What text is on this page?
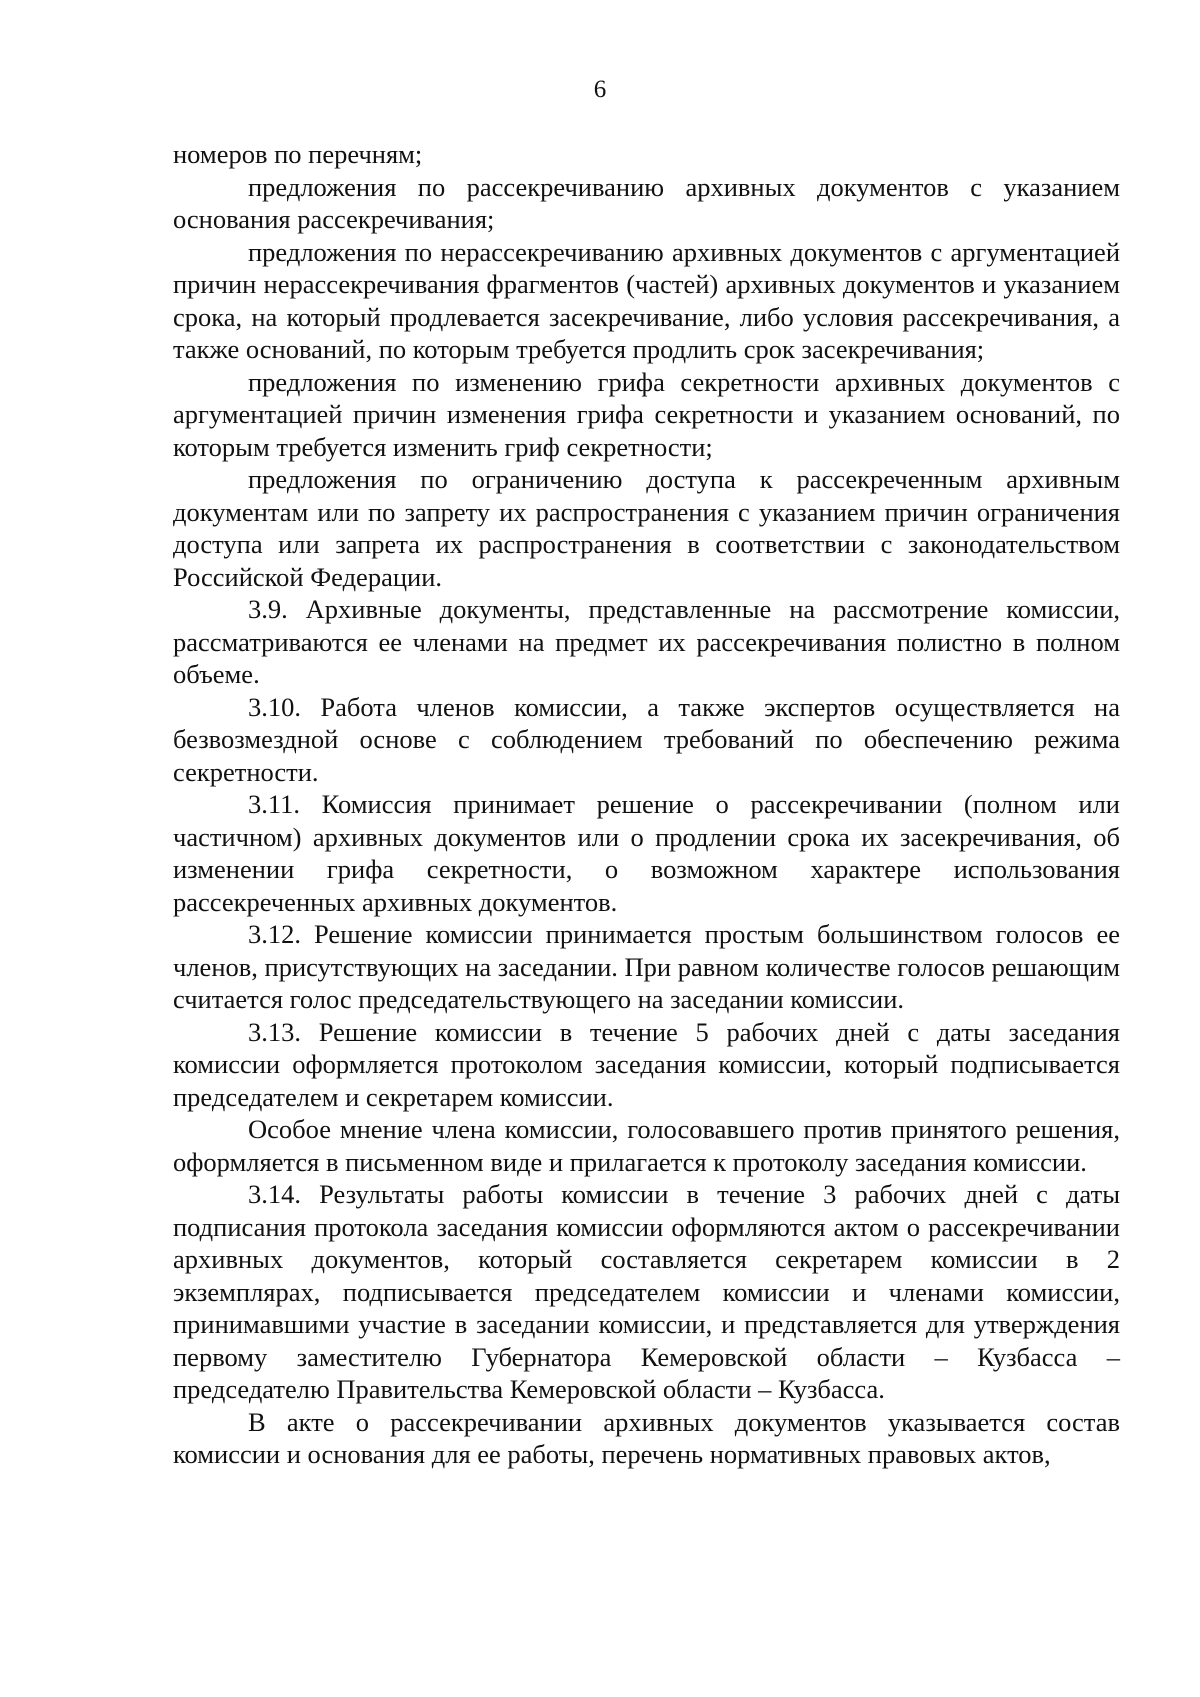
6

номеров по перечням;

предложения по рассекречиванию архивных документов с указанием основания рассекречивания;

предложения по нерассекречиванию архивных документов с аргументацией причин нерассекречивания фрагментов (частей) архивных документов и указанием срока, на который продлевается засекречивание, либо условия рассекречивания, а также оснований, по которым требуется продлить срок засекречивания;

предложения по изменению грифа секретности архивных документов с аргументацией причин изменения грифа секретности и указанием оснований, по которым требуется изменить гриф секретности;

предложения по ограничению доступа к рассекреченным архивным документам или по запрету их распространения с указанием причин ограничения доступа или запрета их распространения в соответствии с законодательством Российской Федерации.

3.9. Архивные документы, представленные на рассмотрение комиссии, рассматриваются ее членами на предмет их рассекречивания полистно в полном объеме.

3.10. Работа членов комиссии, а также экспертов осуществляется на безвозмездной основе с соблюдением требований по обеспечению режима секретности.

3.11. Комиссия принимает решение о рассекречивании (полном или частичном) архивных документов или о продлении срока их засекречивания, об изменении грифа секретности, о возможном характере использования рассекреченных архивных документов.

3.12. Решение комиссии принимается простым большинством голосов ее членов, присутствующих на заседании. При равном количестве голосов решающим считается голос председательствующего на заседании комиссии.

3.13. Решение комиссии в течение 5 рабочих дней с даты заседания комиссии оформляется протоколом заседания комиссии, который подписывается председателем и секретарем комиссии.

Особое мнение члена комиссии, голосовавшего против принятого решения, оформляется в письменном виде и прилагается к протоколу заседания комиссии.

3.14. Результаты работы комиссии в течение 3 рабочих дней с даты подписания протокола заседания комиссии оформляются актом о рассекречивании архивных документов, который составляется секретарем комиссии в 2 экземплярах, подписывается председателем комиссии и членами комиссии, принимавшими участие в заседании комиссии, и представляется для утверждения первому заместителю Губернатора Кемеровской области – Кузбасса – председателю Правительства Кемеровской области – Кузбасса.

В акте о рассекречивании архивных документов указывается состав комиссии и основания для ее работы, перечень нормативных правовых актов,
